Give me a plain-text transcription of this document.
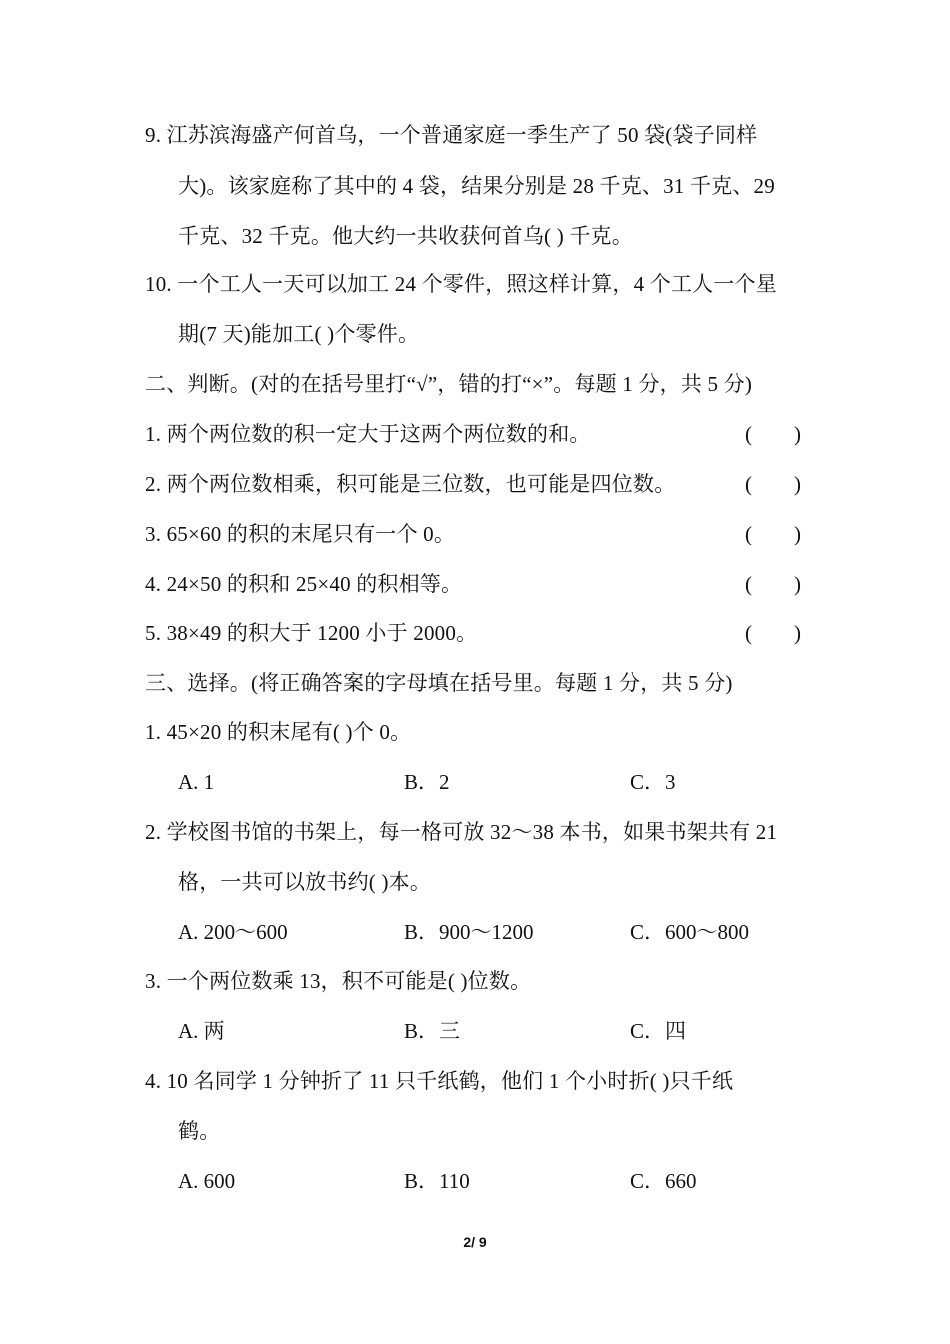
9. 江苏滨海盛产何首乌，一个普通家庭一季生产了 50 袋(袋子同样
大)。该家庭称了其中的 4 袋，结果分别是 28 千克、31 千克、29
千克、32 千克。他大约一共收获何首乌( ) 千克。
10. 一个工人一天可以加工 24 个零件，照这样计算，4 个工人一个星
期(7 天)能加工( )个零件。
二、判断。(对的在括号里打“√”，错的打“×”。每题 1 分，共 5 分)
1. 两个两位数的积一定大于这两个两位数的和。	(        )
2. 两个两位数相乘，积可能是三位数，也可能是四位数。	(        )
3. 65×60 的积的末尾只有一个 0。	(        )
4. 24×50 的积和 25×40 的积相等。	(        )
5. 38×49 的积大于 1200 小于 2000。	(        )
三、选择。(将正确答案的字母填在括号里。每题 1 分，共 5 分)
1. 45×20 的积末尾有( )个 0。
A. 1	B．2	C．3
2. 学校图书馆的书架上，每一格可放 32～38 本书，如果书架共有 21
格，一共可以放书约( )本。
A. 200～600	B．900～1200	C．600～800
3. 一个两位数乘 13，积不可能是( )位数。
A. 两	B．三	C．四
4. 10 名同学 1 分钟折了 11 只千纸鹤，他们 1 个小时折( )只千纸
鹤。
A. 600	B．110	C．660
2/ 9
